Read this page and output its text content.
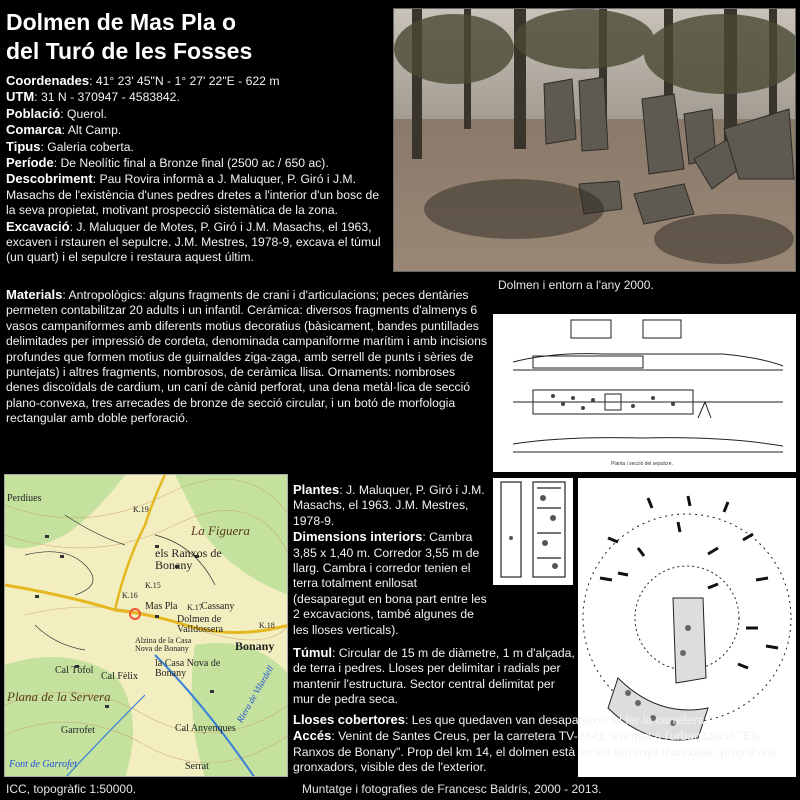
Dolmen de Mas Pla o
del Turó de les Fosses
Coordenades: 41° 23' 45"N - 1° 27' 22"E - 622 m
UTM: 31 N - 370947 - 4583842.
Població: Querol.
Comarca: Alt Camp.
Tipus: Galeria coberta.
Període: De Neolític final a Bronze final (2500 ac / 650 ac).
Descobriment: Pau Rovira informà a J. Maluquer, P. Giró i J.M. Masachs de l'existència d'unes pedres dretes a l'interior d'un bosc de la seva propietat, motivant prospecció sistemàtica de la zona.
Excavació: J. Maluquer de Motes, P. Giró i J.M. Masachs, el 1963, excaven i rstauren el sepulcre. J.M. Mestres, 1978-9, excava el túmul (un quart) i el sepulcre i restaura aquest últim.
Materials: Antropològics: alguns fragments de crani i d'articulacions; peces dentàries permeten contabilitzar 20 adults i un infantil. Cerámica: diversos fragments d'almenys 6 vasos campaniformes amb diferents motius decoratius (bàsicament, bandes puntillades delimitades per impressió de cordeta, denominada campaniforme marítim i amb incisions profundes que formen motius de guirnaldes ziga-zaga, amb serrell de punts i sèries de puntejats) i altres fragments, nombrosos, de ceràmica llisa. Ornaments: nombroses denes discoïdals de cardium, un caní de cànid perforat, una dena metàl·lica de secció plano-convexa, tres arrecades de bronze de secció circular, i un botó de morfologia rectangular amb doble perforació.
Dolmen i entorn a l'any 2000.
Planta i secció del sepulcre.
Perdiues
La Figuera
els Ranxos de Bonany
Mas Pla Cassany
Dolmen de Valldossera
Bonany
Alzina de la Casa Nova de Bonany
la Casa Nova de Bonany
Cal Tòfol
Cal Fèlix
Plana de la Servera
Garrofet
Font de Garrofet
Cal Anyenques
Serrat
Riera de Vilardell
K.15
K.16
K.17
K.18
K.19
Plantes: J. Maluquer, P. Giró i J.M. Masachs, el 1963. J.M. Mestres, 1978-9.
Dimensions interiors: Cambra 3,85 x 1,40 m. Corredor 3,55 m de llarg. Cambra i corredor tenien el terra totalment enllosat (desaparegut en bona part entre les 2 excavacions, també algunes de les lloses verticals).
Túmul: Circular de 15 m de diàmetre, 1 m d'alçada, de terra i pedres. Lloses per delimitar i radials per mantenir l'estructura. Sector central delimitat per mur de pedra seca.
Lloses cobertores: Les que quedaven van desaparèixer al fer la carretera.
Accés: Venint de Santes Creus, per la carretera TV-2441, s'arriba a l'urbanització "Els Ranxos de Bonany". Prop del km 14, el dolmen està en els terrenys d'un xalet, prop d'uns gronxadors, visible des de l'exterior.
ICC, topogràfic 1:50000.	Muntatge i fotografies de Francesc Baldrís, 2000 - 2013.
